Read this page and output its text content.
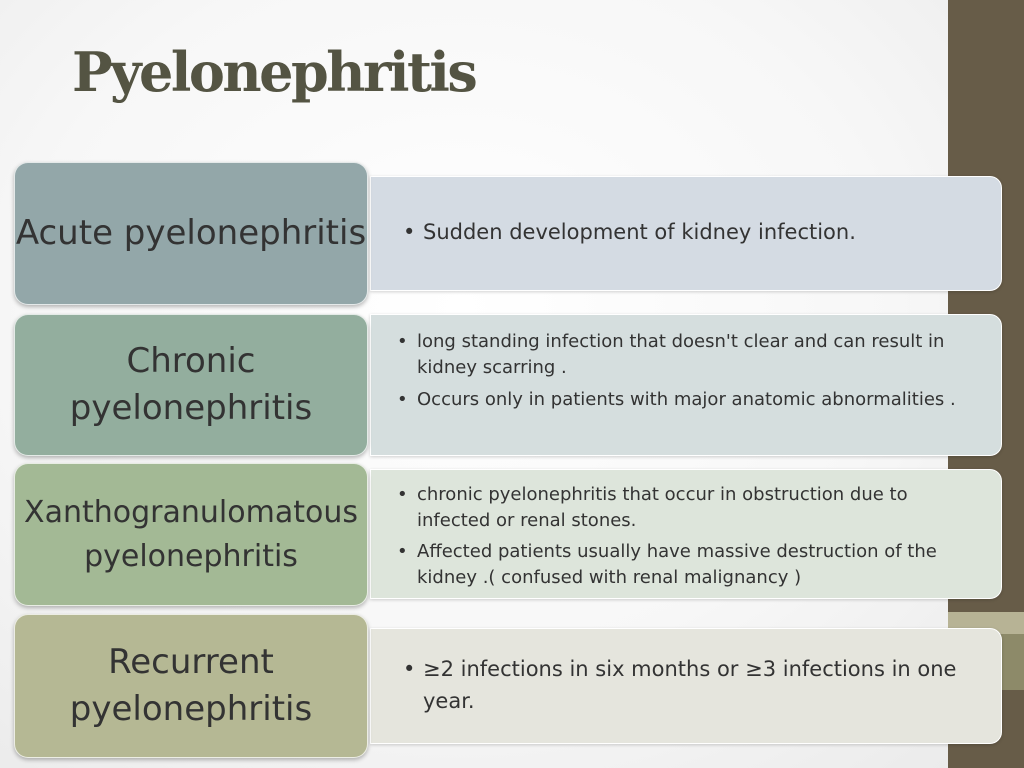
Pyelonephritis
Acute pyelonephritis
•	Sudden development of kidney infection.
Chronic pyelonephritis
• long standing infection that doesn't clear and can result in kidney scarring .
• Occurs only in patients with major anatomic abnormalities .
Xanthogranulomatous pyelonephritis
• chronic pyelonephritis that occur in obstruction due to infected or renal stones.
• Affected patients usually have massive destruction of the kidney .( confused with renal malignancy )
Recurrent pyelonephritis
• ≥2 infections in six months or ≥3 infections in one year.
